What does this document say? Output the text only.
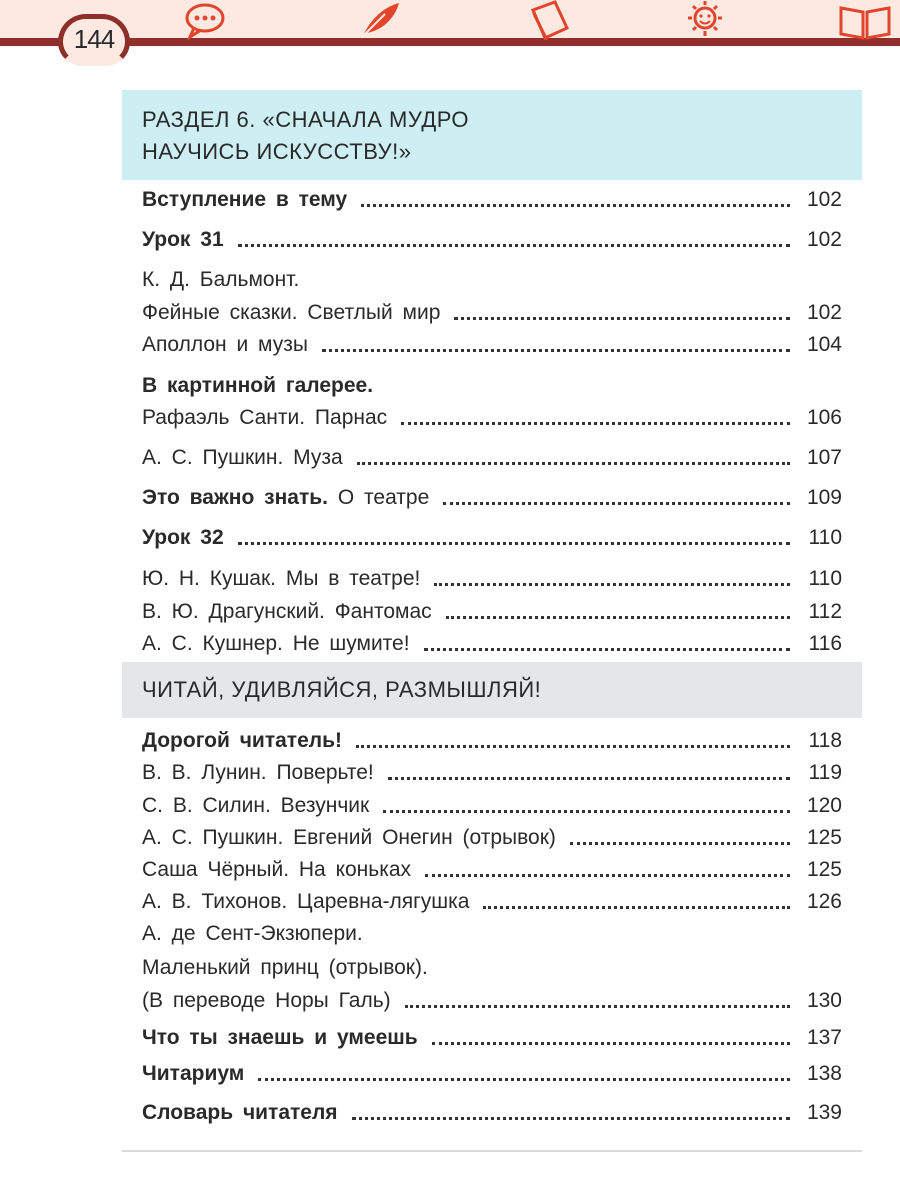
144
РАЗДЕЛ 6. «СНАЧАЛА МУДРО
НАУЧИСЬ ИСКУССТВУ!»
Вступление в тему	102
Урок 31	102
К. Д. Бальмонт.
Фейные сказки. Светлый мир	102
Аполлон и музы	104
В картинной галерее.
Рафаэль Санти. Парнас	106
А. С. Пушкин. Муза	107
Это важно знать. О театре	109
Урок 32	110
Ю. Н. Кушак. Мы в театре!	110
В. Ю. Драгунский. Фантомас	112
А. С. Кушнер. Не шумите!	116
ЧИТАЙ, УДИВЛЯЙСЯ, РАЗМЫШЛЯЙ!
Дорогой читатель!	118
В. В. Лунин. Поверьте!	119
С. В. Силин. Везунчик	120
А. С. Пушкин. Евгений Онегин (отрывок)	125
Саша Чёрный. На коньках	125
А. В. Тихонов. Царевна-лягушка	126
А. де Сент-Экзюпери.
Маленький принц (отрывок).
(В переводе Норы Галь)	130
Что ты знаешь и умеешь	137
Читариум	138
Словарь читателя	139
